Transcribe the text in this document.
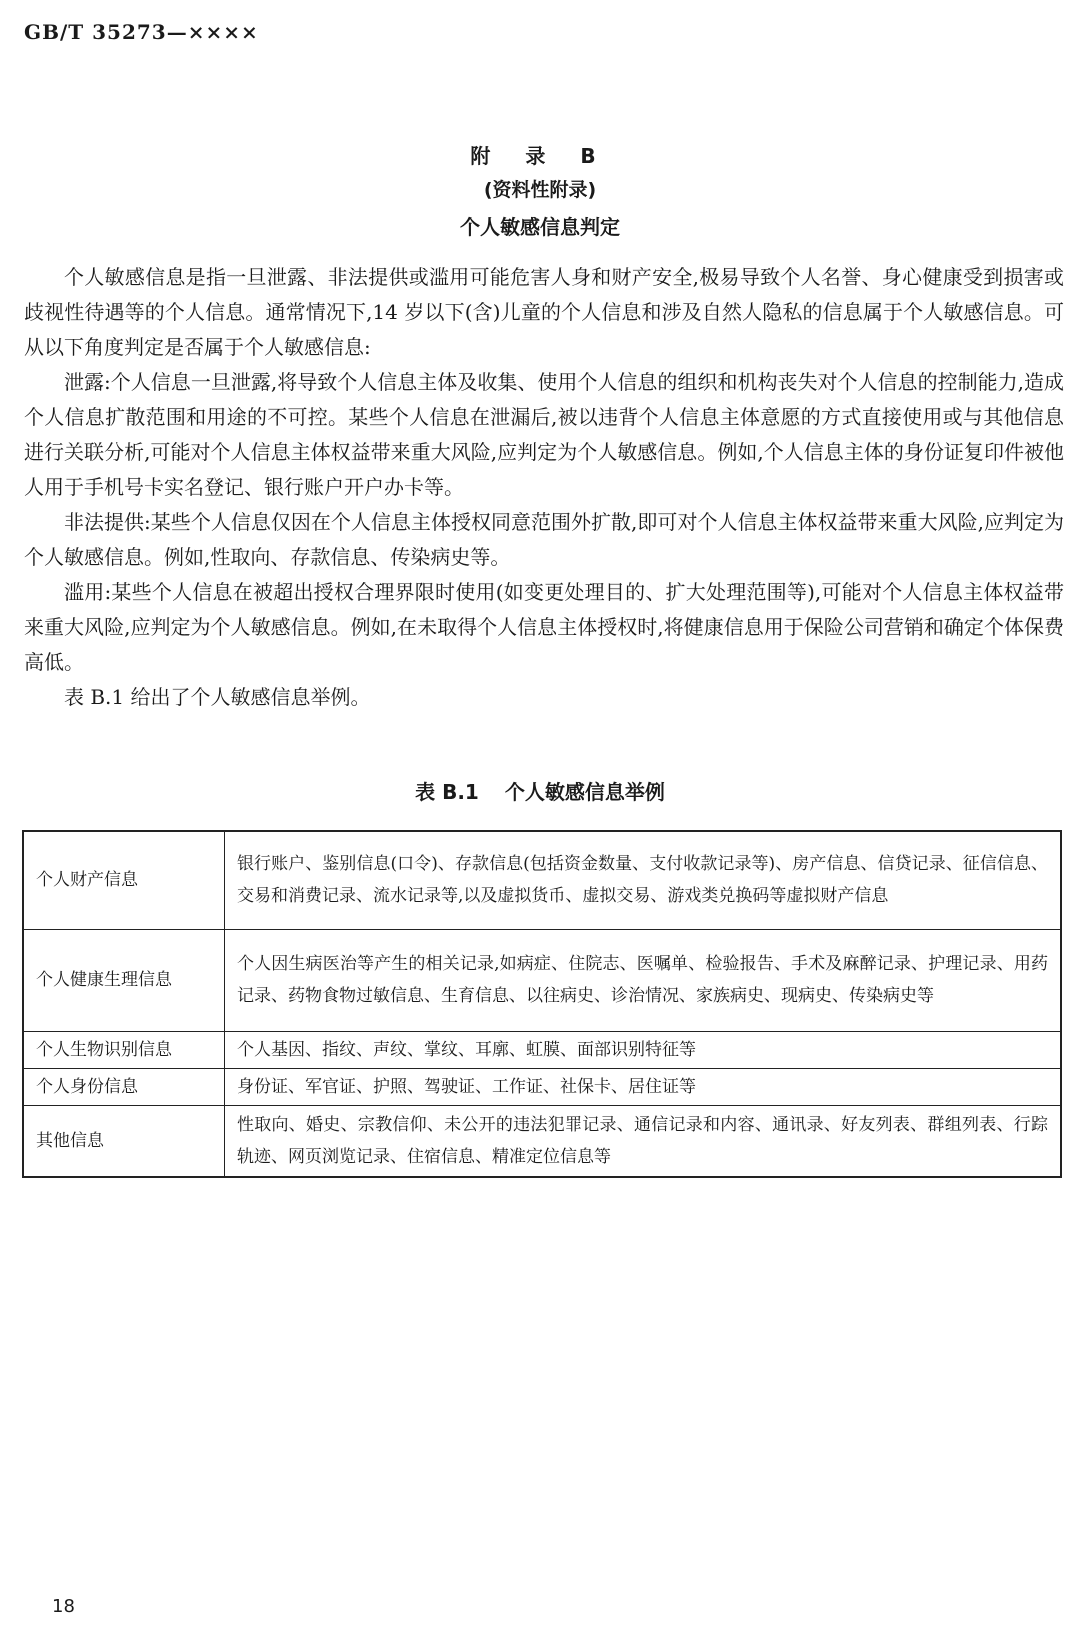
GB/T 35273—××××
附 录 B
(资料性附录)
个人敏感信息判定

个人敏感信息是指一旦泄露、非法提供或滥用可能危害人身和财产安全,极易导致个人名誉、身心健康受到损害或歧视性待遇等的个人信息。通常情况下,14 岁以下(含)儿童的个人信息和涉及自然人隐私的信息属于个人敏感信息。可从以下角度判定是否属于个人敏感信息:

泄露:个人信息一旦泄露,将导致个人信息主体及收集、使用个人信息的组织和机构丧失对个人信息的控制能力,造成个人信息扩散范围和用途的不可控。某些个人信息在泄漏后,被以违背个人信息主体意愿的方式直接使用或与其他信息进行关联分析,可能对个人信息主体权益带来重大风险,应判定为个人敏感信息。例如,个人信息主体的身份证复印件被他人用于手机号卡实名登记、银行账户开户办卡等。

非法提供:某些个人信息仅因在个人信息主体授权同意范围外扩散,即可对个人信息主体权益带来重大风险,应判定为个人敏感信息。例如,性取向、存款信息、传染病史等。

滥用:某些个人信息在被超出授权合理界限时使用(如变更处理目的、扩大处理范围等),可能对个人信息主体权益带来重大风险,应判定为个人敏感信息。例如,在未取得个人信息主体授权时,将健康信息用于保险公司营销和确定个体保费高低。

表 B.1 给出了个人敏感信息举例。

表 B.1 个人敏感信息举例
个人财产信息	银行账户、鉴别信息(口令)、存款信息(包括资金数量、支付收款记录等)、房产信息、信贷记录、征信信息、交易和消费记录、流水记录等,以及虚拟货币、虚拟交易、游戏类兑换码等虚拟财产信息
个人健康生理信息	个人因生病医治等产生的相关记录,如病症、住院志、医嘱单、检验报告、手术及麻醉记录、护理记录、用药记录、药物食物过敏信息、生育信息、以往病史、诊治情况、家族病史、现病史、传染病史等
个人生物识别信息	个人基因、指纹、声纹、掌纹、耳廓、虹膜、面部识别特征等
个人身份信息	身份证、军官证、护照、驾驶证、工作证、社保卡、居住证等
其他信息	性取向、婚史、宗教信仰、未公开的违法犯罪记录、通信记录和内容、通讯录、好友列表、群组列表、行踪轨迹、网页浏览记录、住宿信息、精准定位信息等
18
